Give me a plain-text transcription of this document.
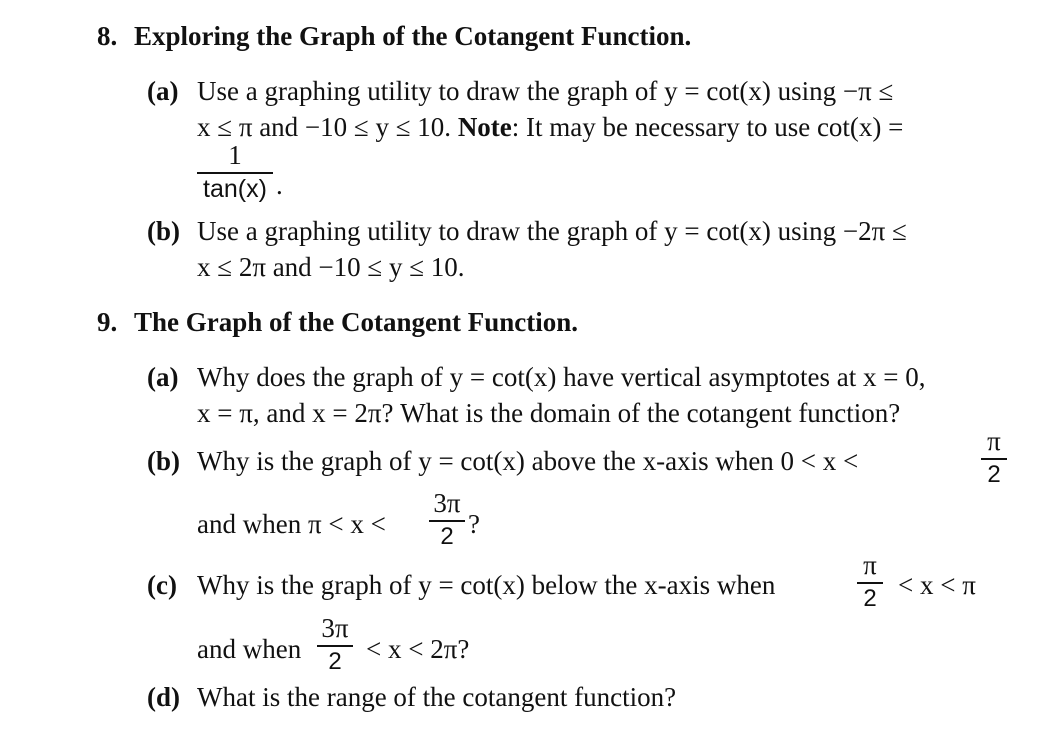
8. Exploring the Graph of the Cotangent Function.
(a) Use a graphing utility to draw the graph of y = cot(x) using −π ≤
x ≤ π and −10 ≤ y ≤ 10. Note: It may be necessary to use cot(x) =
1
tan(x) .
(b) Use a graphing utility to draw the graph of y = cot(x) using −2π ≤
x ≤ 2π and −10 ≤ y ≤ 10.
9. The Graph of the Cotangent Function.
(a) Why does the graph of y = cot(x) have vertical asymptotes at x = 0,
x = π, and x = 2π? What is the domain of the cotangent function?
(b) Why is the graph of y = cot(x) above the x-axis when 0 < x <
π
2
and when π < x <
3π
2 ?
(c) Why is the graph of y = cot(x) below the x-axis when
π
2 < x < π
and when
3π
2 < x < 2π?
(d) What is the range of the cotangent function?
